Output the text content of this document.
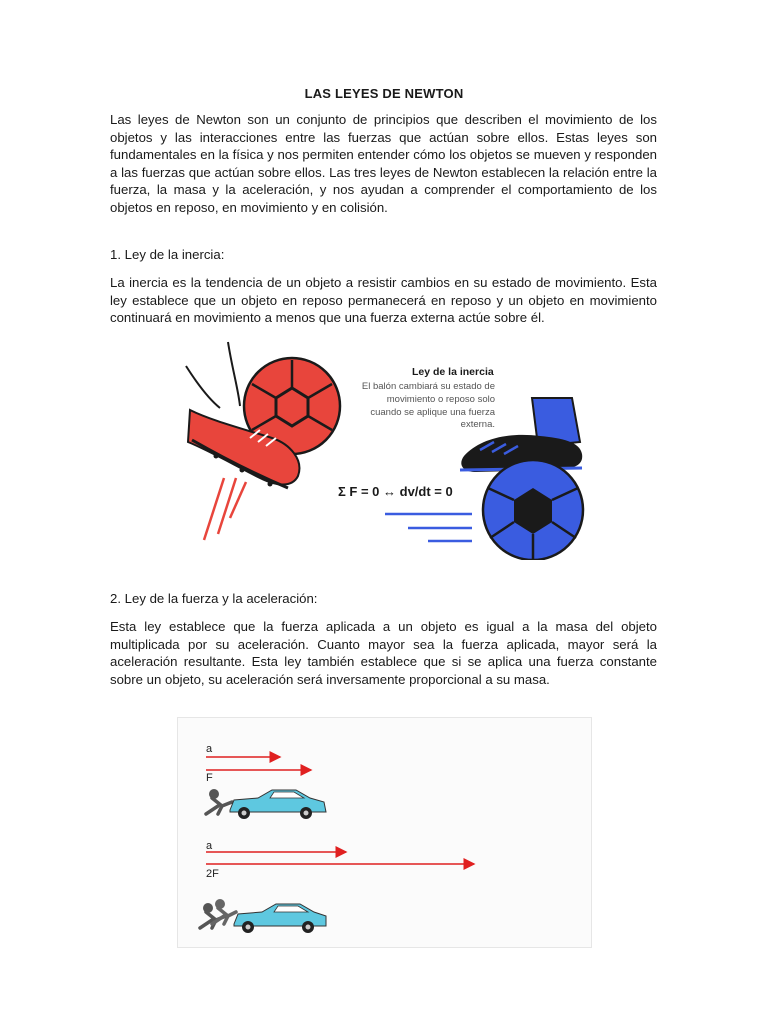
LAS LEYES DE NEWTON

Las leyes de Newton son un conjunto de principios que describen el movimiento de los objetos y las interacciones entre las fuerzas que actúan sobre ellos. Estas leyes son fundamentales en la física y nos permiten entender cómo los objetos se mueven y responden a las fuerzas que actúan sobre ellos. Las tres leyes de Newton establecen la relación entre la fuerza, la masa y la aceleración, y nos ayudan a comprender el comportamiento de los objetos en reposo, en movimiento y en colisión.

1. Ley de la inercia:

La inercia es la tendencia de un objeto a resistir cambios en su estado de movimiento. Esta ley establece que un objeto en reposo permanecerá en reposo y un objeto en movimiento continuará en movimiento a menos que una fuerza externa actúe sobre él.

Ley de la inercia
El balón cambiará su estado de
movimiento o reposo solo
cuando se aplique una fuerza
externa.
Σ F = 0 ↔ dv/dt = 0

2. Ley de la fuerza y la aceleración:

Esta ley establece que la fuerza aplicada a un objeto es igual a la masa del objeto multiplicada por su aceleración. Cuanto mayor sea la fuerza aplicada, mayor será la aceleración resultante. Esta ley también establece que si se aplica una fuerza constante sobre un objeto, su aceleración será inversamente proporcional a su masa.

a
F
a
2F
